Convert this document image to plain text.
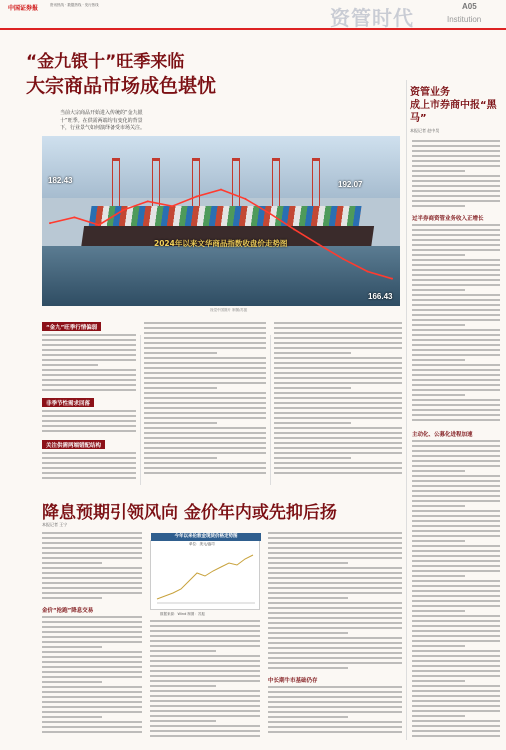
中国证券报	资讯热线 · 数据热线 · 发行热线
资管时代
A05
Institution
“金九银十”旺季来临
大宗商品市场成色堪忧
当前大宗商品开始进入传统的“金九银十”旺季。在供需两端均有变化的背景下，行业景气如何演绎备受市场关注。
182.43	192.07
166.43
2024年以来文华商品指数收盘价走势图
视觉中国图片 制图/苏振
资管业务
成上市券商中报“黑马”
本报记者 赵中昊
过半券商资管业务收入正增长
主动化、公募化进程加速
“金九”旺季行情偏弱
非季节性需求回落
关注供需两端错配结构
降息预期引领风向 金价年内或先抑后扬
本报记者 王宁
金价“抢跑”降息交易
中长期牛市基础仍存
今年以来伦敦金现货价格走势图
单位：美元/盎司
数据来源：Wind 制图：苏振
